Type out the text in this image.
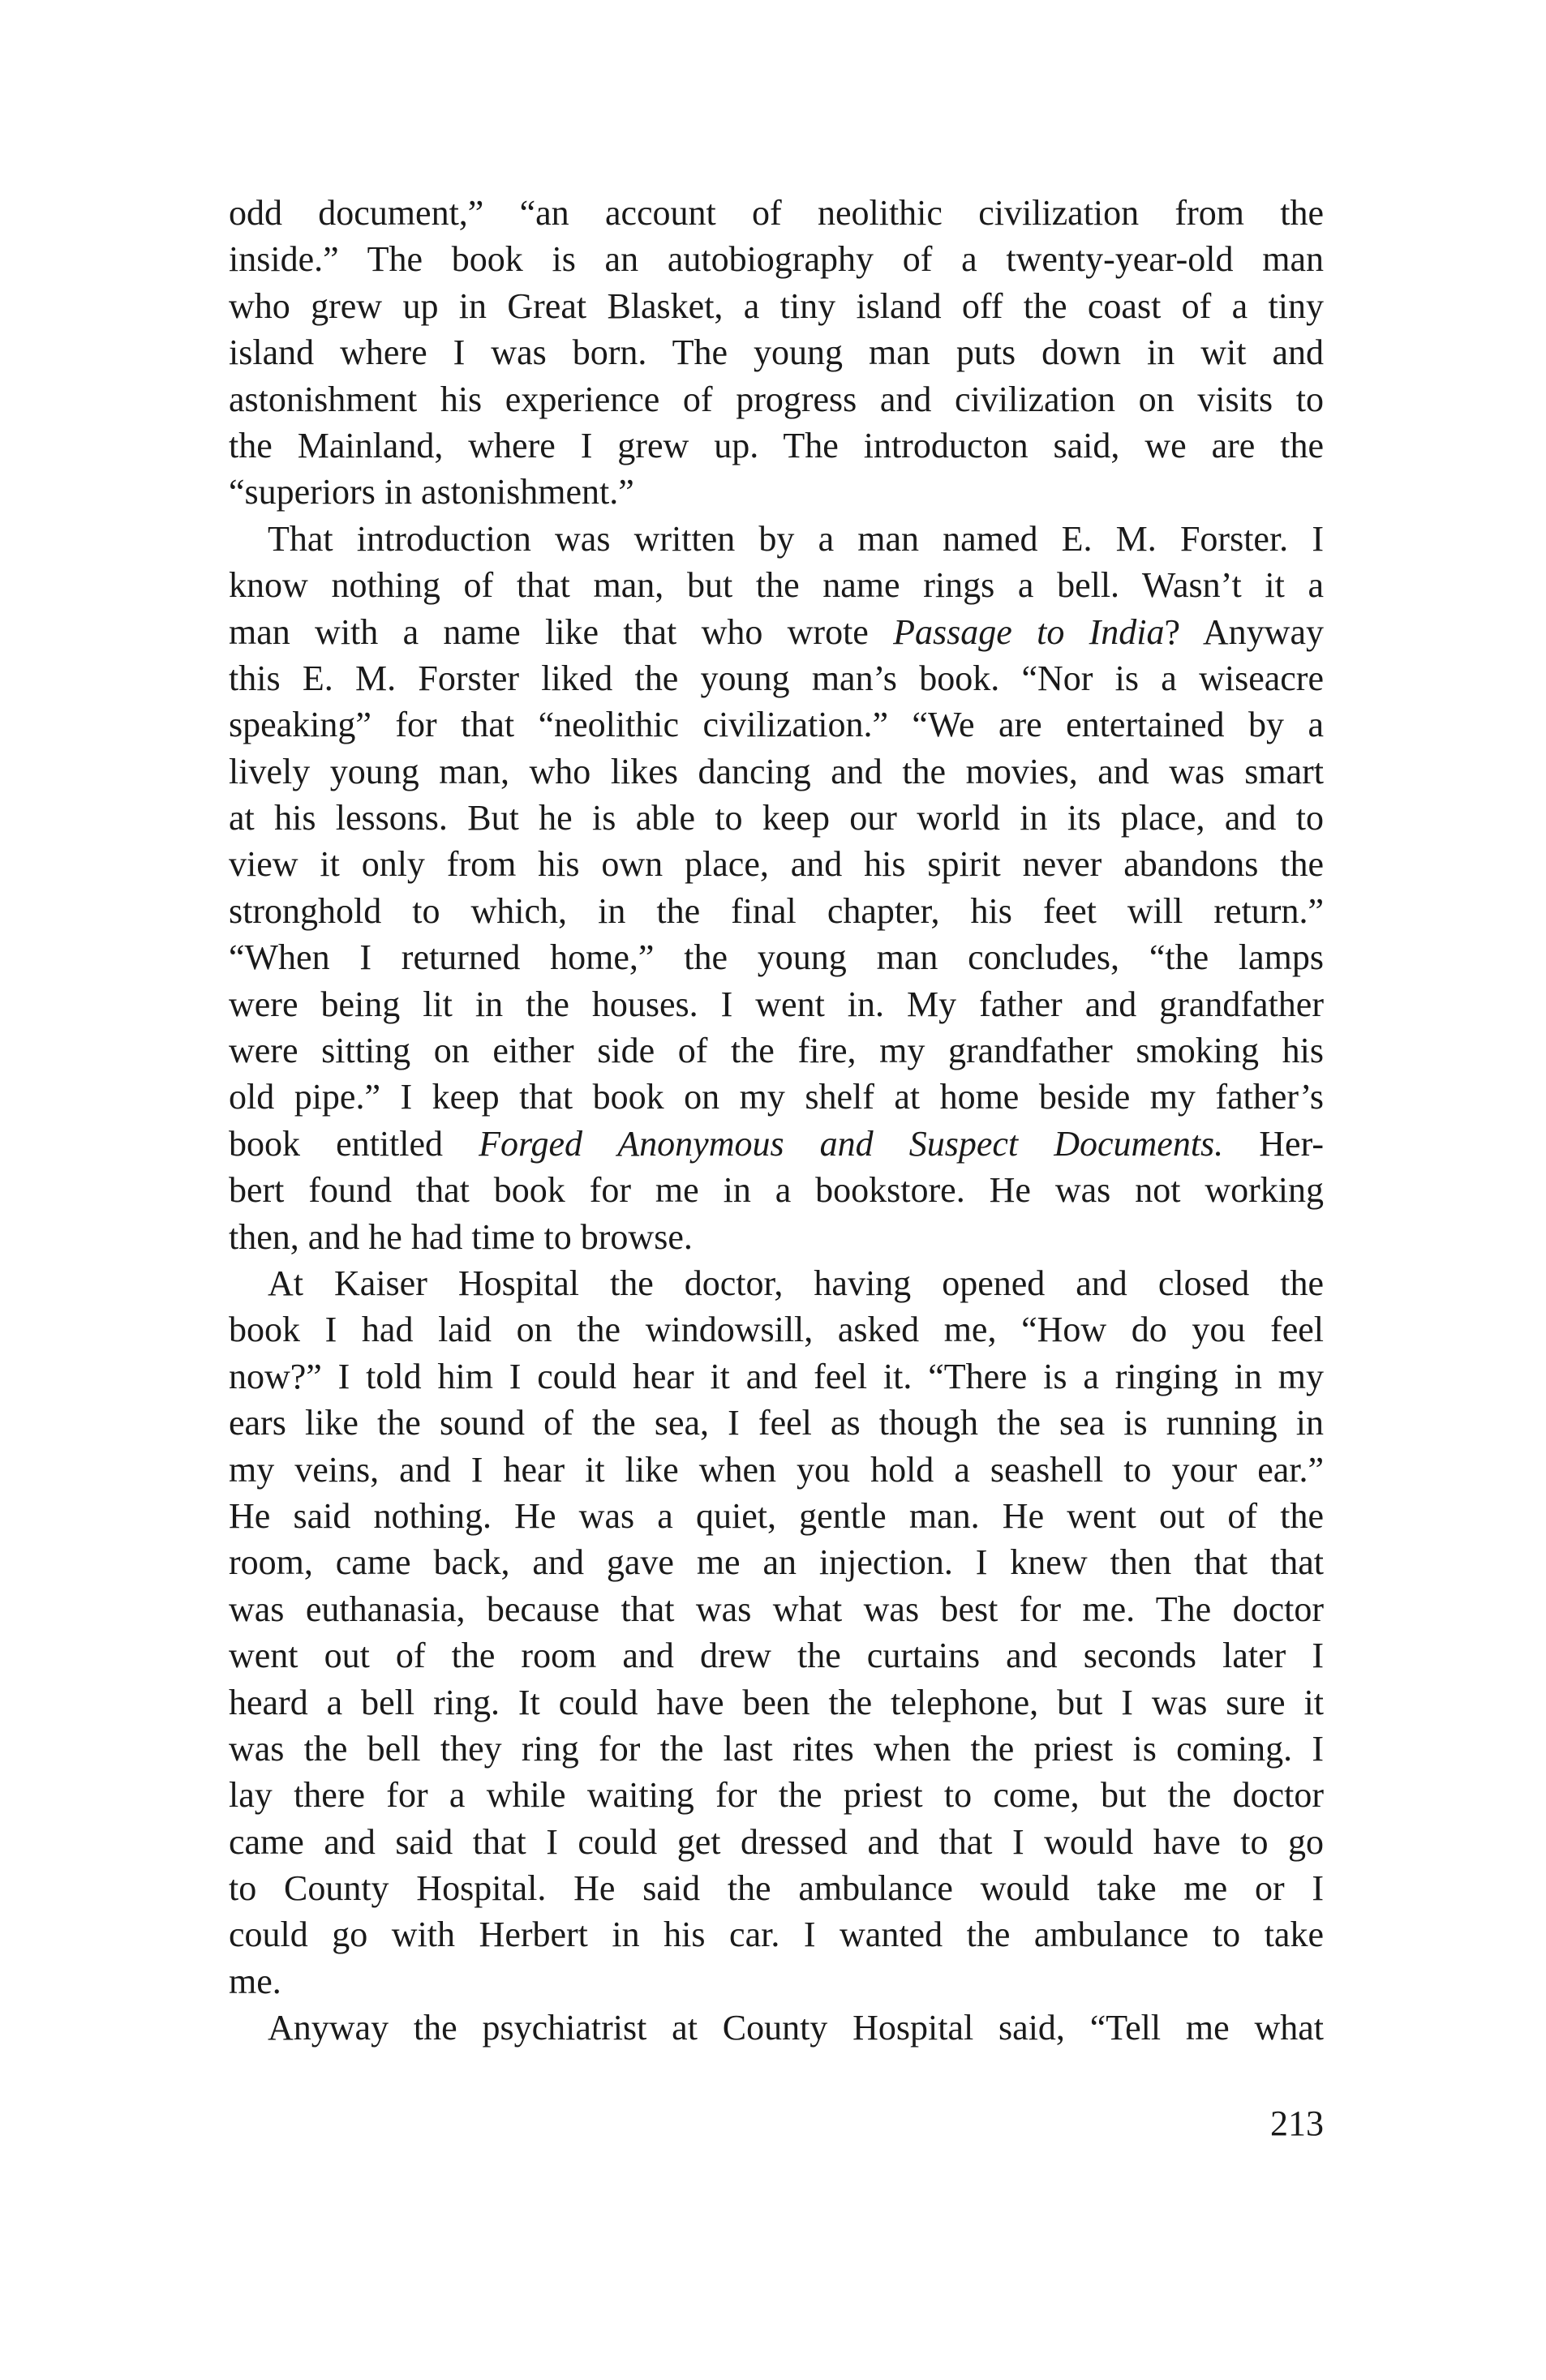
odd document,” “an account of neolithic civilization from the
inside.” The book is an autobiography of a twenty-year-old man
who grew up in Great Blasket, a tiny island off the coast of a tiny
island where I was born. The young man puts down in wit and
astonishment his experience of progress and civilization on visits to
the Mainland, where I grew up. The introducton said, we are the
“superiors in astonishment.”
That introduction was written by a man named E. M. Forster. I
know nothing of that man, but the name rings a bell. Wasn’t it a
man with a name like that who wrote Passage to India? Anyway
this E. M. Forster liked the young man’s book. “Nor is a wiseacre
speaking” for that “neolithic civilization.” “We are entertained by a
lively young man, who likes dancing and the movies, and was smart
at his lessons. But he is able to keep our world in its place, and to
view it only from his own place, and his spirit never abandons the
stronghold to which, in the final chapter, his feet will return.”
“When I returned home,” the young man concludes, “the lamps
were being lit in the houses. I went in. My father and grandfather
were sitting on either side of the fire, my grandfather smoking his
old pipe.” I keep that book on my shelf at home beside my father’s
book entitled Forged Anonymous and Suspect Documents. Her-
bert found that book for me in a bookstore. He was not working
then, and he had time to browse.
At Kaiser Hospital the doctor, having opened and closed the
book I had laid on the windowsill, asked me, “How do you feel
now?” I told him I could hear it and feel it. “There is a ringing in my
ears like the sound of the sea, I feel as though the sea is running in
my veins, and I hear it like when you hold a seashell to your ear.”
He said nothing. He was a quiet, gentle man. He went out of the
room, came back, and gave me an injection. I knew then that that
was euthanasia, because that was what was best for me. The doctor
went out of the room and drew the curtains and seconds later I
heard a bell ring. It could have been the telephone, but I was sure it
was the bell they ring for the last rites when the priest is coming. I
lay there for a while waiting for the priest to come, but the doctor
came and said that I could get dressed and that I would have to go
to County Hospital. He said the ambulance would take me or I
could go with Herbert in his car. I wanted the ambulance to take
me.
Anyway the psychiatrist at County Hospital said, “Tell me what
213
